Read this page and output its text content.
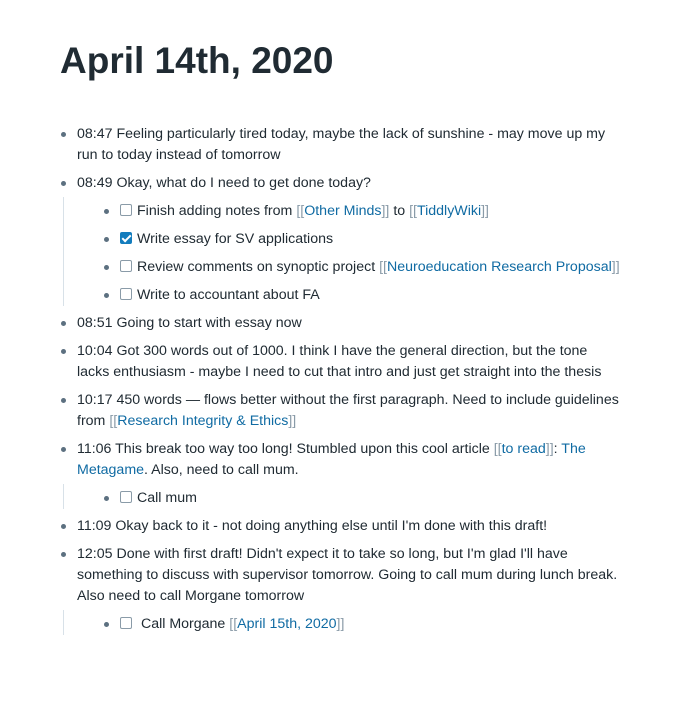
April 14th, 2020
08:47 Feeling particularly tired today, maybe the lack of sunshine - may move up my run to today instead of tomorrow
08:49 Okay, what do I need to get done today?
Finish adding notes from [[Other Minds]] to [[TiddlyWiki]]
Write essay for SV applications
Review comments on synoptic project [[Neuroeducation Research Proposal]]
Write to accountant about FA
08:51 Going to start with essay now
10:04 Got 300 words out of 1000. I think I have the general direction, but the tone lacks enthusiasm - maybe I need to cut that intro and just get straight into the thesis
10:17 450 words — flows better without the first paragraph. Need to include guidelines from [[Research Integrity & Ethics]]
11:06 This break too way too long! Stumbled upon this cool article [[to read]]: The Metagame. Also, need to call mum.
Call mum
11:09 Okay back to it - not doing anything else until I'm done with this draft!
12:05 Done with first draft! Didn't expect it to take so long, but I'm glad I'll have something to discuss with supervisor tomorrow. Going to call mum during lunch break. Also need to call Morgane tomorrow
Call Morgane [[April 15th, 2020]]
